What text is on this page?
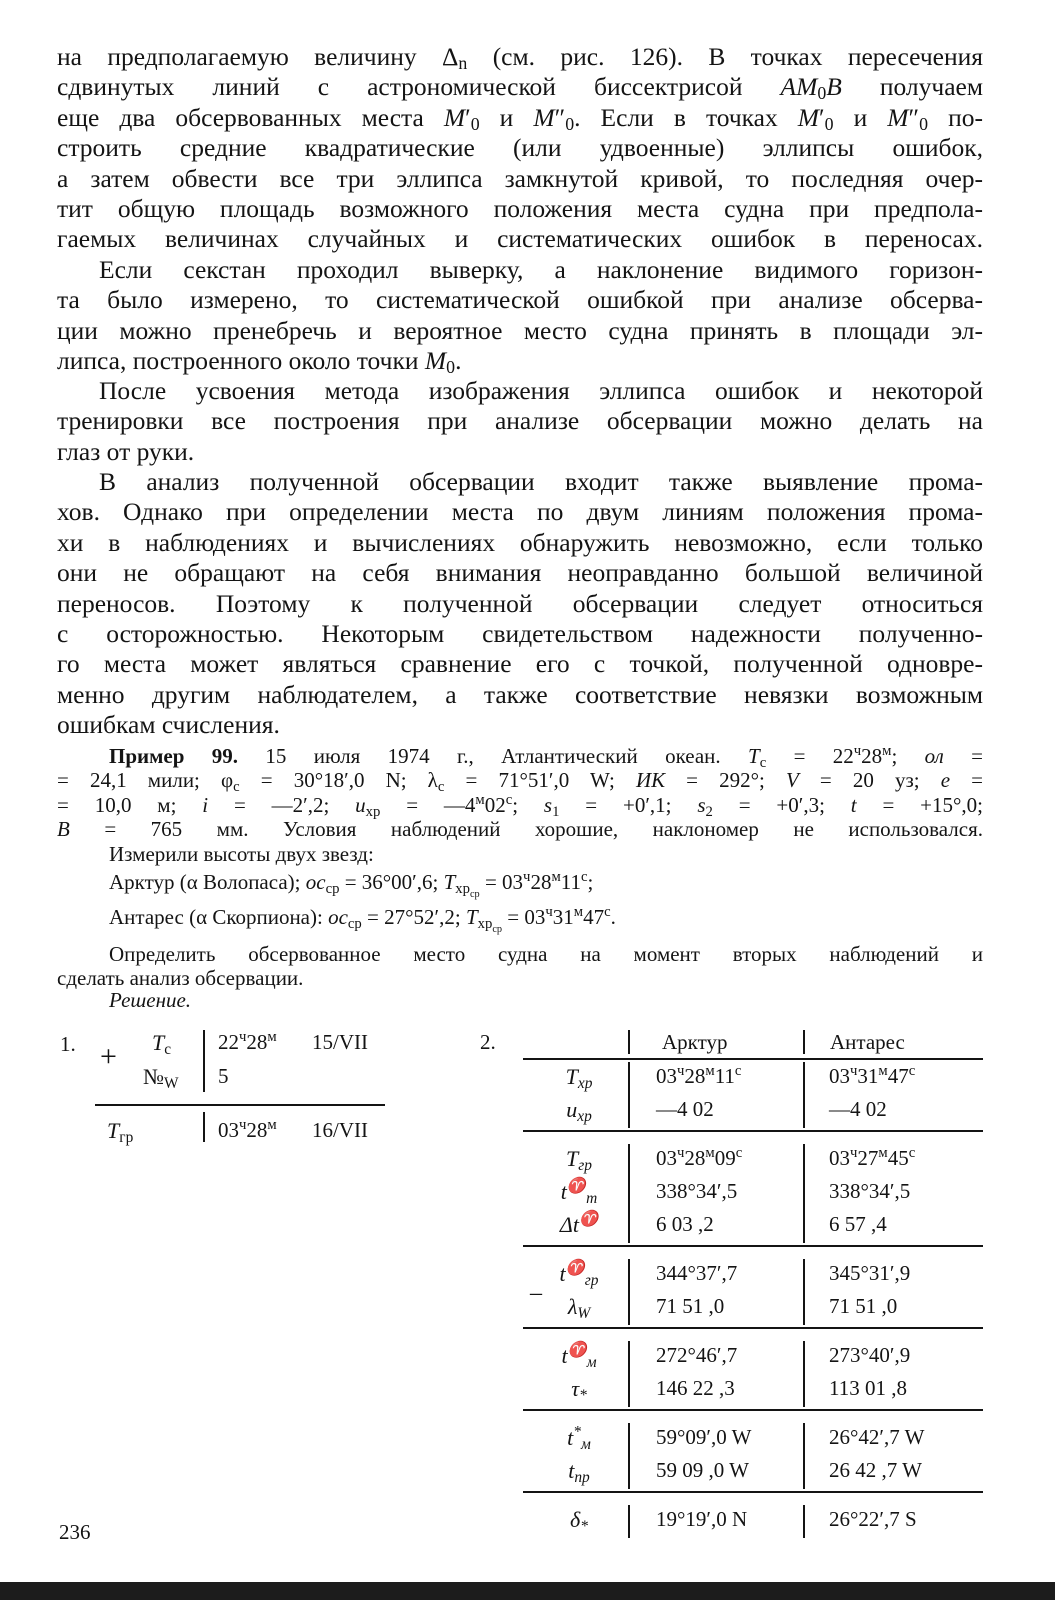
на предполагаемую величину $\Delta_n$ (см. рис. 126). В точках пересечения
сдвинутых линий с астрономической биссектрисой $AM_0B$ получаем
еще два обсервованных места $M'_0$ и $M''_0$. Если в точках $M'_0$ и $M''_0$ по-
строить средние квадратические (или удвоенные) эллипсы ошибок,
а затем обвести все три эллипса замкнутой кривой, то последняя очер-
тит общую площадь возможного положения места судна при предпола-
гаемых величинах случайных и систематических ошибок в переносах.

Если секстан проходил выверку, а наклонение видимого горизон-
та было измерено, то систематической ошибкой при анализе обсерва-
ции можно пренебречь и вероятное место судна принять в площади эл-
липса, построенного около точки $M_0$.

После усвоения метода изображения эллипса ошибок и некоторой
тренировки все построения при анализе обсервации можно делать на
глаз от руки.

В анализ полученной обсервации входит также выявление прома-
хов. Однако при определении места по двум линиям положения прома-
хи в наблюдениях и вычислениях обнаружить невозможно, если только
они не обращают на себя внимания неоправданно большой величиной
переносов. Поэтому к полученной обсервации следует относиться
с осторожностью. Некоторым свидетельством надежности полученно-
го места может являться сравнение его с точкой, полученной одновре-
менно другим наблюдателем, а также соответствие невязки возможным
ошибкам счисления.

Пример 99. 15 июля 1974 г., Атлантический океан. $T_c = 22^ч28^м$; ол =
= 24,1 мили; $\varphi_c = 30^\circ 18',0$ N; $\lambda_c = 71^\circ 51',0$ W; ИК = 292°; V = 20 уз; e =
= 10,0 м; i = —2′,2; $u_{хр}$ = $—4^м02^с$; $s_1 = +0',1$; $s_2 = +0',3$; t = +15°,0;
B = 765 мм. Условия наблюдений хорошие, наклономер не использовался.
Измерили высоты двух звезд:
Арктур (α Волопаса); $ос_{ср} = 36^\circ 00',6$; $T_{хр_{ср}} = 03^ч28^м11^с$;
Антарес (α Скорпиона): $ос_{ср} = 27^\circ 52',2$; $T_{хр_{ср}} = 03^ч31^м47^с$.
Определить обсервованное место судна на момент вторых наблюдений и
сделать анализ обсервации.
Решение.
1. + $T_c$ $22^ч28^м$ 15/VII
$№_W$ 5
$T_{гр}$	$03^ч28^м$ 16/VII
2.	Арктур	Антарес
$T_{хр}$	$03^ч28^м11^с$	$03^ч31^м47^с$
$u_{хр}$	—4 02	—4 02
$T_{гр}$	$03^ч28^м09^с$	$03^ч27^м45^с$
$t^♈_т$	338°34′,5	338°34′,5
Δt♈	6 03 ,2	6 57 ,4
$t^♈_{гр}$	344°37′,7	345°31′,9
$\lambda_W$	71 51 ,0	71 51 ,0
_
$t^♈_м$	272°46′,7	273°40′,9
$\tau_*$	146 22 ,3	113 01 ,8
$t^*_м$	59°09′,0 W	26°42′,7 W
$t_{пр}$	59 09 ,0 W	26 42 ,7 W
$\delta_*$	19°19′,0 N	26°22′,7 S
236
